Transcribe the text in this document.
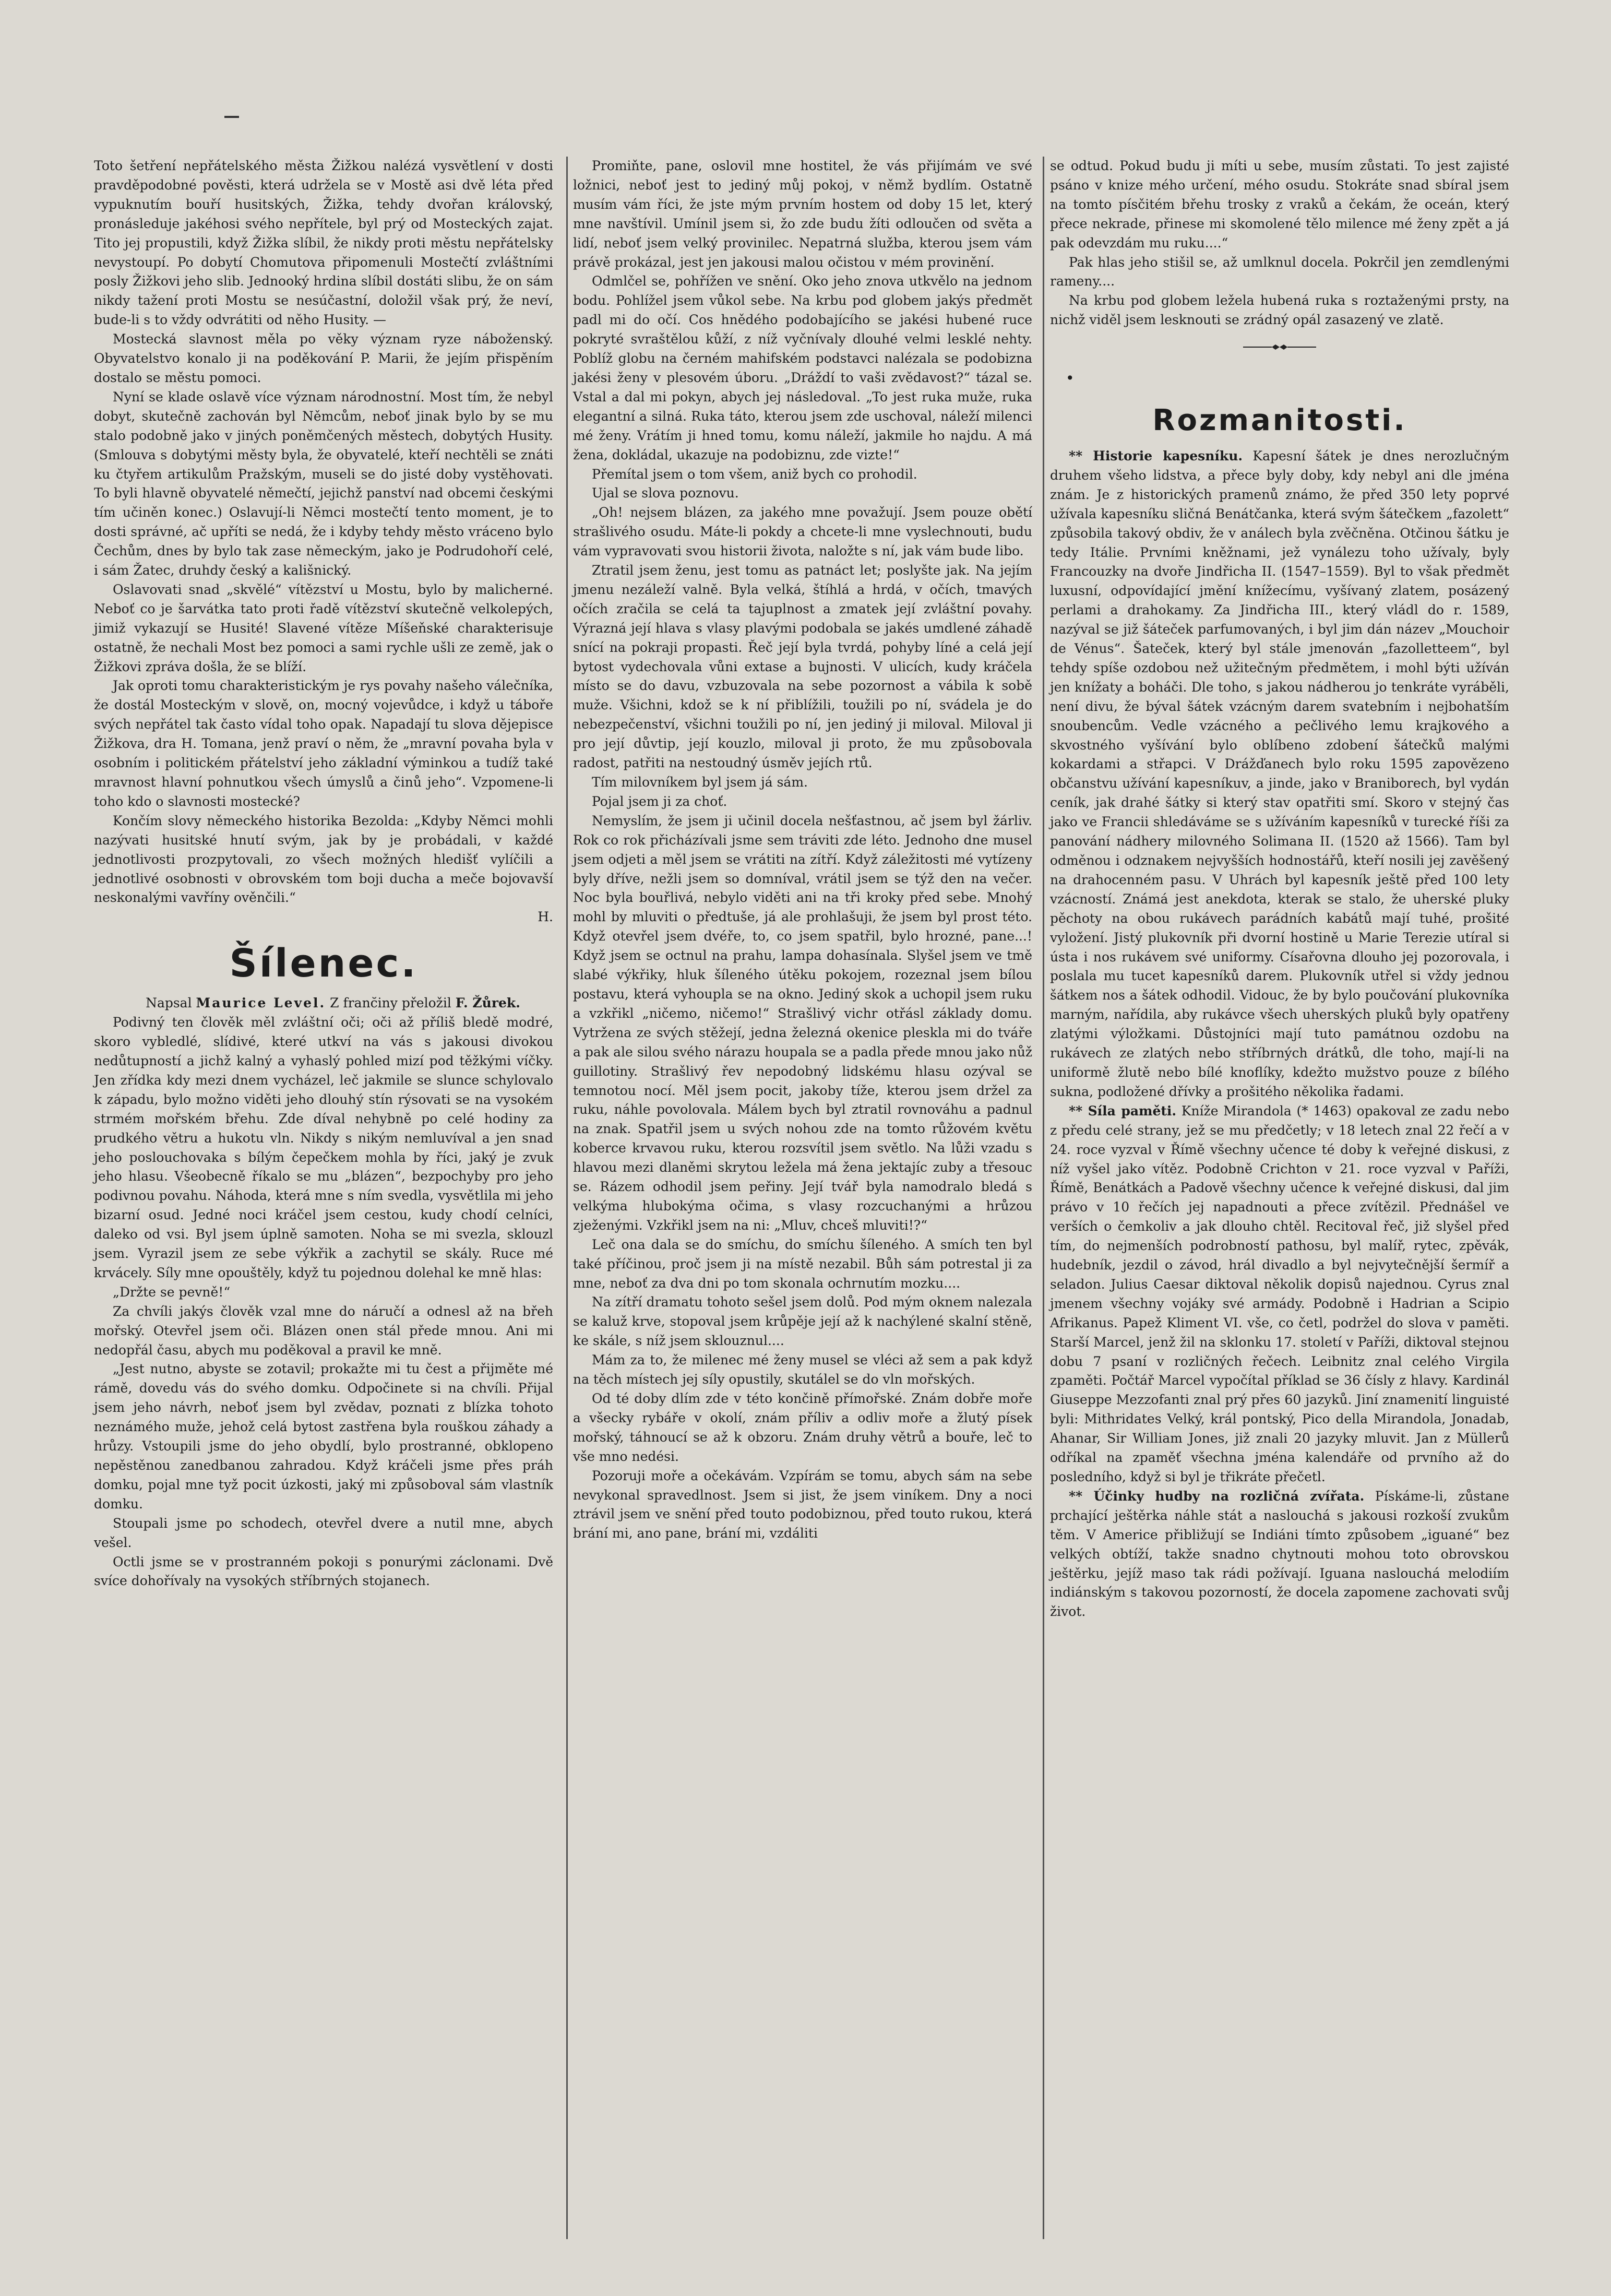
Toto šetření nepřátelského města Žižkou nalézá vysvětlení v dosti pravděpodobné pověsti, která udržela se v Mostě asi dvě léta před vypuknutím bouří husitských, Žižka, tehdy dvořan královský, pronásleduje jakéhosi svého nepřítele, byl prý od Mosteckých zajat. Tito jej propustili, když Žižka slíbil, že nikdy proti městu nepřátelsky nevystoupí. Po dobytí Chomutova připomenuli Mostečtí zvláštními posly Žižkovi jeho slib. Jednooký hrdina slíbil dostáti slibu, že on sám nikdy tažení proti Mostu se nesúčastní, doložil však prý, že neví, bude-li s to vždy odvrátiti od něho Husity. —

Mostecká slavnost měla po věky význam ryze náboženský. Obyvatelstvo konalo ji na poděkování P. Marii, že jejím přispěním dostalo se městu pomoci.

Nyní se klade oslavě více význam národnostní. Most tím, že nebyl dobyt, skutečně zachován byl Němcům, neboť jinak bylo by se mu stalo podobně jako v jiných poněmčených městech, dobytých Husity. (Smlouva s dobytými městy byla, že obyvatelé, kteří nechtěli se znáti ku čtyřem artikulům Pražským, museli se do jisté doby vystěhovati. To byli hlavně obyvatelé němečtí, jejichž panství nad obcemi českými tím učiněn konec.) Oslavují-li Němci mostečtí tento moment, je to dosti správné, ač upříti se nedá, že i kdyby tehdy město vráceno bylo Čechům, dnes by bylo tak zase německým, jako je Podrudohoří celé, i sám Žatec, druhdy český a kališnický.

Oslavovati snad „skvělé“ vítězství u Mostu, bylo by malicherné. Neboť co je šarvátka tato proti řadě vítězství skutečně velkolepých, jimiž vykazují se Husité! Slavené vítěze Míšeňské charakterisuje ostatně, že nechali Most bez pomoci a sami rychle ušli ze země, jak o Žižkovi zpráva došla, že se blíží.

Jak oproti tomu charakteristickým je rys povahy našeho válečníka, že dostál Mosteckým v slově, on, mocný vojevůdce, i když u táboře svých nepřátel tak často vídal toho opak. Napadají tu slova dějepisce Žižkova, dra H. Tomana, jenž praví o něm, že „mravní povaha byla v osobním i politickém přátelství jeho základní výminkou a tudíž také mravnost hlavní pohnutkou všech úmyslů a činů jeho“. Vzpomene-li toho kdo o slavnosti mostecké?

Končím slovy německého historika Bezolda: „Kdyby Němci mohli nazývati husitské hnutí svým, jak by je probádali, v každé jednotlivosti prozpytovali, zo všech možných hledišť vylíčili a jednotlivé osobnosti v obrovském tom boji ducha a meče bojovavší neskonalými vavříny ověnčili.“

H.

Šílenec.

Napsal Maurice Level. Z franc̆iny přeložil F. Žůrek.

Podivný ten člověk měl zvláštní oči; oči až příliš bledě modré, skoro vybledlé, slídivé, které utkví na vás s jakousi divokou nedůtupností a jichž kalný a vyhaslý pohled mizí pod těžkými víčky. Jen zřídka kdy mezi dnem vycházel, leč jakmile se slunce schylovalo k západu, bylo možno viděti jeho dlouhý stín rýsovati se na vysokém strmém mořském břehu. Zde díval nehybně po celé hodiny za prudkého větru a hukotu vln. Nikdy s nikým nemluvíval a jen snad jeho poslouchovaka s bílým čepečkem mohla by říci, jaký je zvuk jeho hlasu. Všeobecně říkalo se mu „blázen“, bezpochyby pro jeho podivnou povahu. Náhoda, která mne s ním svedla, vysvětlila mi jeho bizarní osud. Jedné noci kráčel jsem cestou, kudy chodí celníci, daleko od vsi. Byl jsem úplně samoten. Noha se mi svezla, sklouzl jsem. Vyrazil jsem ze sebe výkřik a zachytil se skály. Ruce mé krvácely. Síly mne opouštěly, když tu pojednou dolehal ke mně hlas:

„Držte se pevně!“

Za chvíli jakýs člověk vzal mne do náručí a odnesl až na břeh mořský. Otevřel jsem oči. Blázen onen stál přede mnou. Ani mi nedopřál času, abych mu poděkoval a pravil ke mně.

„Jest nutno, abyste se zotavil; prokažte mi tu čest a přijměte mé rámě, dovedu vás do svého domku. Odpočinete si na chvíli. Přijal jsem jeho návrh, neboť jsem byl zvědav, poznati z blízka tohoto neznámého muže, jehož celá bytost zastřena byla rouškou záhady a hrůzy. Vstoupili jsme do jeho obydlí, bylo prostranné, obklopeno nepěstěnou zanedbanou zahradou. Když kráčeli jsme přes práh domku, pojal mne tyž pocit úzkosti, jaký mi způsoboval sám vlastník domku.

Stoupali jsme po schodech, otevřel dvere a nutil mne, abych vešel.

Octli jsme se v prostranném pokoji s ponurými záclonami. Dvě svíce dohořívaly na vysokých stříbrných stojanech.

Promiňte, pane, oslovil mne hostitel, že vás přijímám ve své ložnici, neboť jest to jediný můj pokoj, v němž bydlím. Ostatně musím vám říci, že jste mým prvním hostem od doby 15 let, který mne navštívil. Umínil jsem si, žo zde budu žíti odloučen od světa a lidí, neboť jsem velký provinilec. Nepatrná služba, kterou jsem vám právě prokázal, jest jen jakousi malou očistou v mém provinění.

Odmlčel se, pohřížen ve snění. Oko jeho znova utkvělo na jednom bodu. Pohlížel jsem vůkol sebe. Na krbu pod globem jakýs předmět padl mi do očí. Cos hnědého podobajícího se jakési hubené ruce pokryté svraštělou kůží, z níž vyčnívaly dlouhé velmi lesklé nehty. Poblíž globu na černém mahifském podstavci nalézala se podobizna jakési ženy v plesovém úboru. „Dráždí to vaši zvědavost?“ tázal se. Vstal a dal mi pokyn, abych jej následoval. „To jest ruka muže, ruka elegantní a silná. Ruka táto, kterou jsem zde uschoval, náleží milenci mé ženy. Vrátím ji hned tomu, komu náleží, jakmile ho najdu. A má žena, dokládal, ukazuje na podobiznu, zde vizte!“

Přemítal jsem o tom všem, aniž bych co prohodil.

Ujal se slova poznovu.

„Oh! nejsem blázen, za jakého mne považují. Jsem pouze obětí strašlivého osudu. Máte-li pokdy a chcete-li mne vyslechnouti, budu vám vypravovati svou historii života, naložte s ní, jak vám bude libo.

Ztratil jsem ženu, jest tomu as patnáct let; poslyšte jak. Na jejím jmenu nezáleží valně. Byla velká, štíhlá a hrdá, v očích, tmavých očích zračila se celá ta tajuplnost a zmatek její zvláštní povahy. Výrazná její hlava s vlasy plavými podobala se jakés umdlené záhadě snící na pokraji propasti. Řeč její byla tvrdá, pohyby líné a celá její bytost vydechovala vůni extase a bujnosti. V ulicích, kudy kráčela místo se do davu, vzbuzovala na sebe pozornost a vábila k sobě muže. Všichni, kdož se k ní přiblížili, toužili po ní, svádela je do nebezpečenství, všichni toužili po ní, jen jediný ji miloval. Miloval ji pro její důvtip, její kouzlo, miloval ji proto, že mu způsobovala radost, patřiti na nestoudný úsměv jejích rtů.

Tím milovníkem byl jsem já sám.

Pojal jsem ji za choť.

Nemyslím, že jsem ji učinil docela nešťastnou, ač jsem byl žárliv. Rok co rok přicházívali jsme sem tráviti zde léto. Jednoho dne musel jsem odjeti a měl jsem se vrátiti na zítří. Když záležitosti mé vytízeny byly dříve, nežli jsem so domníval, vrátil jsem se týž den na večer. Noc byla bouřlivá, nebylo viděti ani na tři kroky před sebe. Mnohý mohl by mluviti o předtuše, já ale prohlašuji, že jsem byl prost této. Když otevřel jsem dvéře, to, co jsem spatřil, bylo hrozné, pane...! Když jsem se octnul na prahu, lampa dohasínala. Slyšel jsem ve tmě slabé výkřiky, hluk šíleného útěku pokojem, rozeznal jsem bílou postavu, která vyhoupla se na okno. Jediný skok a uchopil jsem ruku a vzkřikl „ničemo, ničemo!“ Strašlivý vichr otřásl základy domu. Vytržena ze svých stěžejí, jedna železná okenice pleskla mi do tváře a pak ale silou svého nárazu houpala se a padla přede mnou jako nůž guillotiny. Strašlivý řev nepodobný lidskému hlasu ozýval se temnotou nocí. Měl jsem pocit, jakoby tíže, kterou jsem držel za ruku, náhle povolovala. Málem bych byl ztratil rovnováhu a padnul na znak. Spatřil jsem u svých nohou zde na tomto růžovém květu koberce krvavou ruku, kterou rozsvítil jsem světlo. Na lůži vzadu s hlavou mezi dlaněmi skrytou ležela má žena jektajíc zuby a třesouc se. Rázem odhodil jsem peřiny. Její tvář byla namodralo bledá s velkýma hlubokýma očima, s vlasy rozcuchanými a hrůzou zježenými. Vzkřikl jsem na ni: „Mluv, chceš mluviti!?“

Leč ona dala se do smíchu, do smíchu šíleného. A smích ten byl také příčinou, proč jsem ji na místě nezabil. Bůh sám potrestal ji za mne, neboť za dva dni po tom skonala ochrnutím mozku....

Na zítří dramatu tohoto sešel jsem dolů. Pod mým oknem nalezala se kaluž krve, stopoval jsem krůpěje její až k nachýlené skalní stěně, ke skále, s níž jsem sklouznul....

Mám za to, že milenec mé ženy musel se vléci až sem a pak když na těch místech jej síly opustily, skutálel se do vln mořských.

Od té doby dlím zde v této končině přímořské. Znám dobře moře a všecky rybáře v okolí, znám příliv a odliv moře a žlutý písek mořský, táhnoucí se až k obzoru. Znám druhy větrů a bouře, leč to vše mno nedési.

Pozoruji moře a očekávám. Vzpírám se tomu, abych sám na sebe nevykonal spravedlnost. Jsem si jist, že jsem viníkem. Dny a noci ztrávil jsem ve snění před touto podobiznou, před touto rukou, která brání mi, ano pane, brání mi, vzdáliti

se odtud. Pokud budu ji míti u sebe, musím zůstati. To jest zajisté psáno v knize mého určení, mého osudu. Stokráte snad sbíral jsem na tomto písčitém břehu trosky z vraků a čekám, že oceán, který přece nekrade, přinese mi skomolené tělo milence mé ženy zpět a já pak odevzdám mu ruku....“

Pak hlas jeho stišil se, až umlknul docela. Pokrčil jen zemdlenými rameny....

Na krbu pod globem ležela hubená ruka s roztaženými prsty, na nichž viděl jsem lesknouti se zrádný opál zasazený ve zlatě.

•
Rozmanitosti.

** Historie kapesníku. Kapesní šátek je dnes nerozlučným druhem všeho lidstva, a přece byly doby, kdy nebyl ani dle jména znám. Je z historických pramenů známo, že před 350 lety poprvé užívala kapesníku sličná Benátčanka, která svým šátečkem „fazolett“ způsobila takový obdiv, že v análech byla zvěčněna. Otčinou šátku je tedy Itálie. Prvními kněžnami, jež vynálezu toho užívaly, byly Francouzky na dvoře Jindřicha II. (1547–1559). Byl to však předmět luxusní, odpovídající jmění knížecímu, vyšívaný zlatem, posázený perlami a drahokamy. Za Jindřicha III., který vládl do r. 1589, nazýval se již šáteček parfumovaných, i byl jim dán název „Mouchoir de Vénus“. Šateček, který byl stále jmenován „fazolletteem“, byl tehdy spíše ozdobou než užitečným předmětem, i mohl býti užíván jen knížaty a boháči. Dle toho, s jakou nádherou jo tenkráte vyráběli, není divu, že býval šátek vzácným darem svatebním i nejbohatším snoubencům. Vedle vzácného a pečlivého lemu krajkového a skvostného vyšívání bylo oblíbeno zdobení šátečků malými kokardami a střapci. V Drážďanech bylo roku 1595 zapovězeno občanstvu užívání kapesníkuv, a jinde, jako v Braniborech, byl vydán ceník, jak drahé šátky si který stav opatřiti smí. Skoro v stejný čas jako ve Francii shledáváme se s užíváním kapesníků v turecké říši za panování nádhery milovného Solimana II. (1520 až 1566). Tam byl odměnou i odznakem nejvyšších hodnostářů, kteří nosili jej zavěšený na drahocenném pasu. V Uhrách byl kapesník ještě před 100 lety vzácností. Známá jest anekdota, kterak se stalo, že uherské pluky pěchoty na obou rukávech parádních kabátů mají tuhé, prošité vyložení. Jistý plukovník při dvorní hostině u Marie Terezie utíral si ústa i nos rukávem své uniformy. Císařovna dlouho jej pozorovala, i poslala mu tucet kapesníků darem. Plukovník utřel si vždy jednou šátkem nos a šátek odhodil. Vidouc, že by bylo poučování plukovníka marným, nařídila, aby rukávce všech uherských pluků byly opatřeny zlatými výložkami. Důstojníci mají tuto památnou ozdobu na rukávech ze zlatých nebo stříbrných drátků, dle toho, mají-li na uniformě žlutě nebo bílé knoflíky, kdežto mužstvo pouze z bílého sukna, podložené dřívky a prošitého několika řadami.

** Síla paměti. Kníže Mirandola (* 1463) opakoval ze zadu nebo z předu celé strany, jež se mu předčetly; v 18 letech znal 22 řečí a v 24. roce vyzval v Římě všechny učence té doby k veřejné diskusi, z níž vyšel jako vítěz. Podobně Crichton v 21. roce vyzval v Paříži, Římě, Benátkách a Padově všechny učence k veřejné diskusi, dal jim právo v 10 řečích jej napadnouti a přece zvítězil. Přednášel ve verších o čemkoliv a jak dlouho chtěl. Recitoval řeč, již slyšel před tím, do nejmenších podrobností pathosu, byl malíř, rytec, zpěvák, hudebník, jezdil o závod, hrál divadlo a byl nejvytečnější šermíř a seladon. Julius Caesar diktoval několik dopisů najednou. Cyrus znal jmenem všechny vojáky své armády. Podobně i Hadrian a Scipio Afrikanus. Papež Kliment VI. vše, co četl, podržel do slova v paměti. Starší Marcel, jenž žil na sklonku 17. století v Paříži, diktoval stejnou dobu 7 psaní v rozličných řečech. Leibnitz znal celého Virgila zpaměti. Počtář Marcel vypočítal příklad se 36 čísly z hlavy. Kardinál Giuseppe Mezzofanti znal prý přes 60 jazyků. Jiní znamenití linguisté byli: Mithridates Velký, král pontský, Pico della Mirandola, Jonadab, Ahanar, Sir William Jones, již znali 20 jazyky mluvit. Jan z Müllerů odříkal na zpaměť všechna jména kalendáře od prvního až do posledního, když si byl je třikráte přečetl.

** Účinky hudby na rozličná zvířata. Pískáme-li, zůstane prchající ještěrka náhle stát a naslouchá s jakousi rozkoší zvukům těm. V Americe přibližují se Indiáni tímto způsobem „iguané“ bez velkých obtíží, takže snadno chytnouti mohou toto obrovskou ještěrku, jejíž maso tak rádi požívají. Iguana naslouchá melodiím indiánským s takovou pozorností, že docela zapomene zachovati svůj život.
